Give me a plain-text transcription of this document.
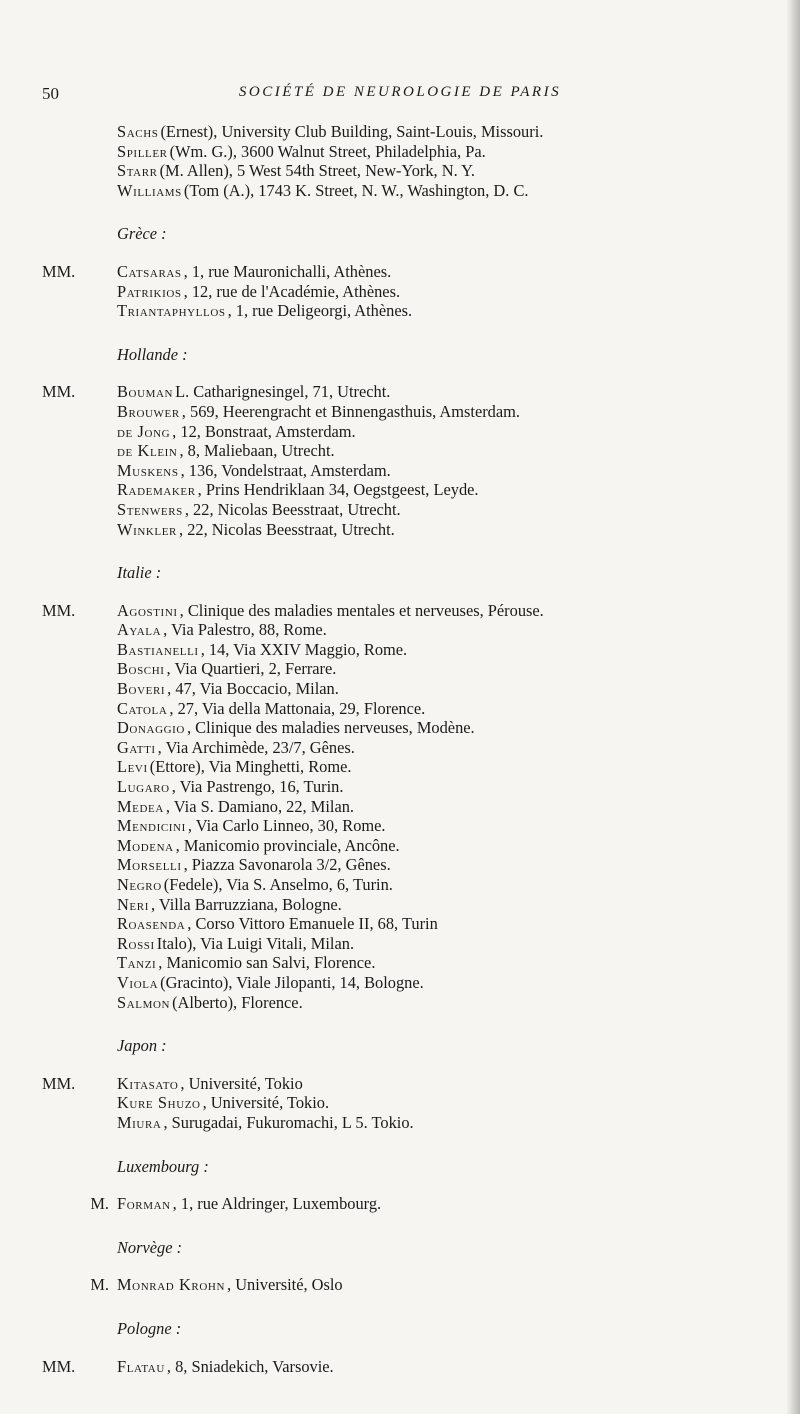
50	SOCIÉTÉ DE NEUROLOGIE DE PARIS
Sachs (Ernest), University Club Building, Saint-Louis, Missouri.
Spiller (Wm. G.), 3600 Walnut Street, Philadelphia, Pa.
Starr (M. Allen), 5 West 54th Street, New-York, N. Y.
Williams (Tom (A.), 1743 K. Street, N. W., Washington, D. C.
Grèce :
MM.	Catsaras , 1, rue Mauronichalli, Athènes.
Patrikios , 12, rue de l'Académie, Athènes.
Triantaphyllos , 1, rue Deligeorgi, Athènes.
Hollande :
MM.	Bouman L. Catharignesingel, 71, Utrecht.
Brouwer , 569, Heerengracht et Binnengasthuis, Amsterdam.
de Jong , 12, Bonstraat, Amsterdam.
de Klein , 8, Maliebaan, Utrecht.
Muskens , 136, Vondelstraat, Amsterdam.
Rademaker , Prins Hendriklaan 34, Oegstgeest, Leyde.
Stenwers , 22, Nicolas Beesstraat, Utrecht.
Winkler , 22, Nicolas Beesstraat, Utrecht.
Italie :
MM.	Agostini , Clinique des maladies mentales et nerveuses, Pérouse.
Ayala , Via Palestro, 88, Rome.
Bastianelli , 14, Via XXIV Maggio, Rome.
Boschi , Via Quartieri, 2, Ferrare.
Boveri , 47, Via Boccacio, Milan.
Catola , 27, Via della Mattonaia, 29, Florence.
Donaggio , Clinique des maladies nerveuses, Modène.
Gatti , Via Archimède, 23/7, Gênes.
Levi (Ettore), Via Minghetti, Rome.
Lugaro , Via Pastrengo, 16, Turin.
Medea , Via S. Damiano, 22, Milan.
Mendicini , Via Carlo Linneo, 30, Rome.
Modena , Manicomio provinciale, Ancône.
Morselli , Piazza Savonarola 3/2, Gênes.
Negro (Fedele), Via S. Anselmo, 6, Turin.
Neri , Villa Barruzziana, Bologne.
Roasenda , Corso Vittoro Emanuele II, 68, Turin
Rossi Italo), Via Luigi Vitali, Milan.
Tanzi , Manicomio san Salvi, Florence.
Viola (Gracinto), Viale Jilopanti, 14, Bologne.
Salmon (Alberto), Florence.
Japon :
MM.	Kitasato , Université, Tokio
Kure Shuzo , Université, Tokio.
Miura , Surugadai, Fukuromachi, L 5. Tokio.
Luxembourg :
M. Forman , 1, rue Aldringer, Luxembourg.
Norvège :
M. Monrad Krohn , Université, Oslo
Pologne :
MM.	Flatau , 8, Sniadekich, Varsovie.
